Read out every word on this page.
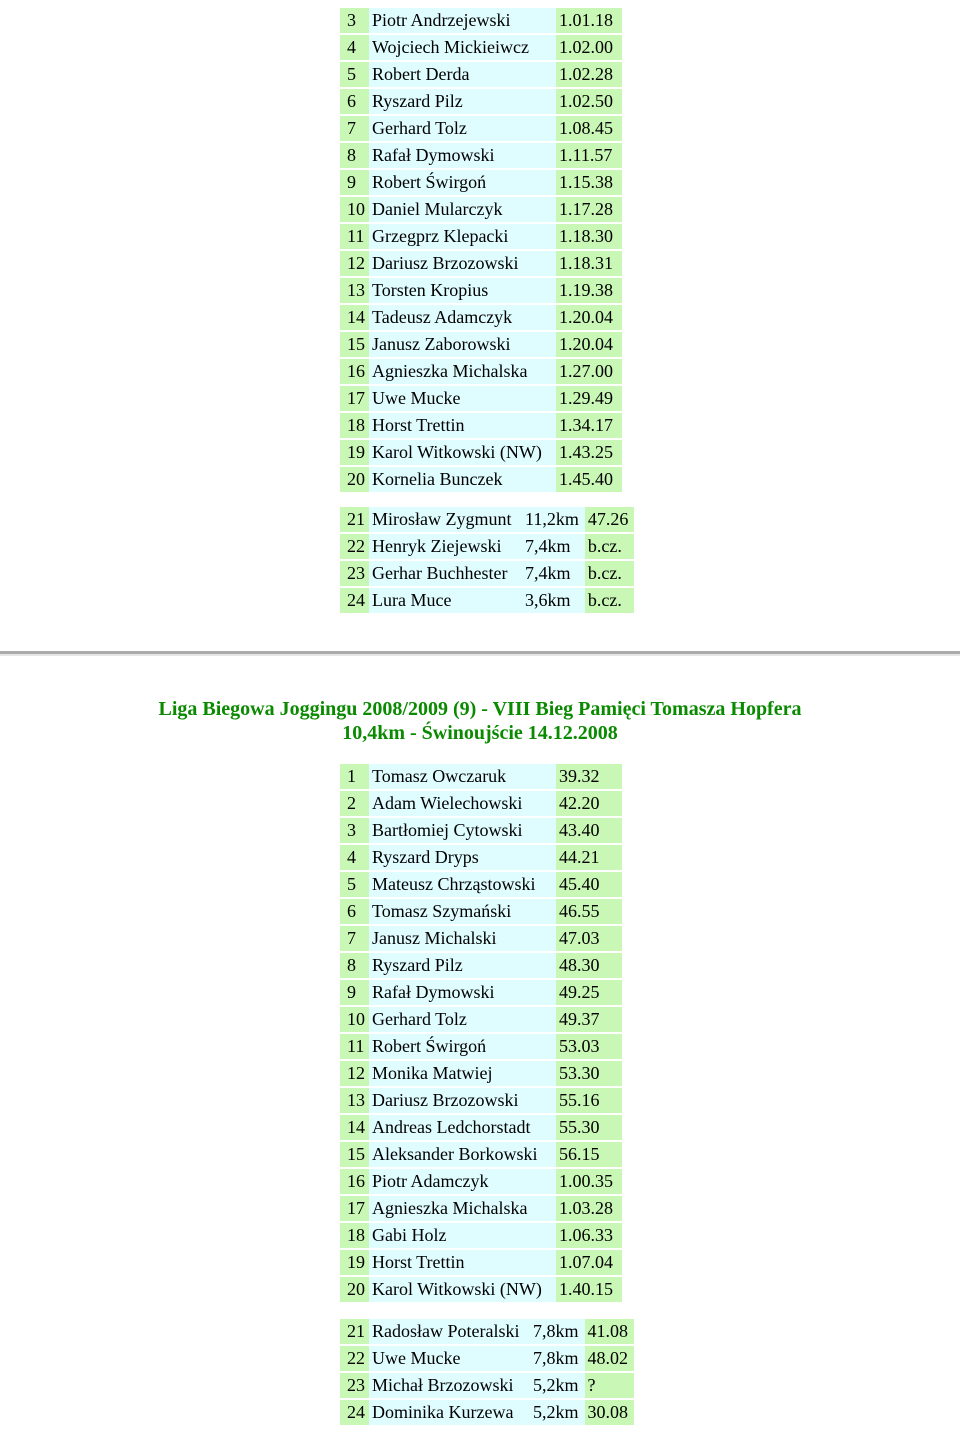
3	Piotr Andrzejewski	1.01.18
4	Wojciech Mickieiwcz	1.02.00
5	Robert Derda	1.02.28
6	Ryszard Pilz	1.02.50
7	Gerhard Tolz	1.08.45
8	Rafał Dymowski	1.11.57
9	Robert Świrgoń	1.15.38
10	Daniel Mularczyk	1.17.28
11	Grzegprz Klepacki	1.18.30
12	Dariusz Brzozowski	1.18.31
13	Torsten Kropius	1.19.38
14	Tadeusz Adamczyk	1.20.04
15	Janusz Zaborowski	1.20.04
16	Agnieszka Michalska	1.27.00
17	Uwe Mucke	1.29.49
18	Horst Trettin	1.34.17
19	Karol Witkowski (NW)	1.43.25
20	Kornelia Bunczek	1.45.40
21	Mirosław Zygmunt	11,2km	47.26
22	Henryk Ziejewski	7,4km	b.cz.
23	Gerhar Buchhester	7,4km	b.cz.
24	Lura Muce	3,6km	b.cz.
Liga Biegowa Joggingu 2008/2009 (9) - VIII Bieg Pamięci Tomasza Hopfera
10,4km - Świnoujście 14.12.2008
1	Tomasz Owczaruk	39.32
2	Adam Wielechowski	42.20
3	Bartłomiej Cytowski	43.40
4	Ryszard Dryps	44.21
5	Mateusz Chrząstowski	45.40
6	Tomasz Szymański	46.55
7	Janusz Michalski	47.03
8	Ryszard Pilz	48.30
9	Rafał Dymowski	49.25
10	Gerhard Tolz	49.37
11	Robert Świrgoń	53.03
12	Monika Matwiej	53.30
13	Dariusz Brzozowski	55.16
14	Andreas Ledchorstadt	55.30
15	Aleksander Borkowski	56.15
16	Piotr Adamczyk	1.00.35
17	Agnieszka Michalska	1.03.28
18	Gabi Holz	1.06.33
19	Horst Trettin	1.07.04
20	Karol Witkowski (NW)	1.40.15
21	Radosław Poteralski	7,8km	41.08
22	Uwe Mucke	7,8km	48.02
23	Michał Brzozowski	5,2km	?
24	Dominika Kurzewa	5,2km	30.08
